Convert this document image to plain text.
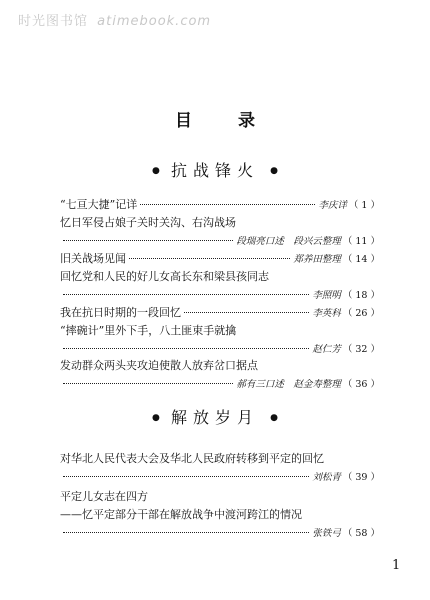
时光图书馆 atimebook.com
目录
● 抗战锋火 ●
“七亘大捷”记详	李庆详 （ 1 ）
忆日军侵占娘子关时关沟、右沟战场
段瑞亮口述　段兴云整理 （ 11 ）
旧关战场见闻	郑养田整理 （ 14 ）
回忆党和人民的好儿女高长东和梁县孩同志
李照明 （ 18 ）
我在抗日时期的一段回忆	李英科 （ 26 ）
“摔碗计”里外下手，八土匪束手就擒
赵仁芳 （ 32 ）
发动群众两头夹攻迫使散人放弃岔口据点
郝有三口述　赵金寿整理 （ 36 ）
● 解放岁月 ●
对华北人民代表大会及华北人民政府转移到平定的回忆
刘松青 （ 39 ）
平定儿女志在四方
——忆平定部分干部在解放战争中渡河跨江的情况
张铁弓 （ 58 ）
1
